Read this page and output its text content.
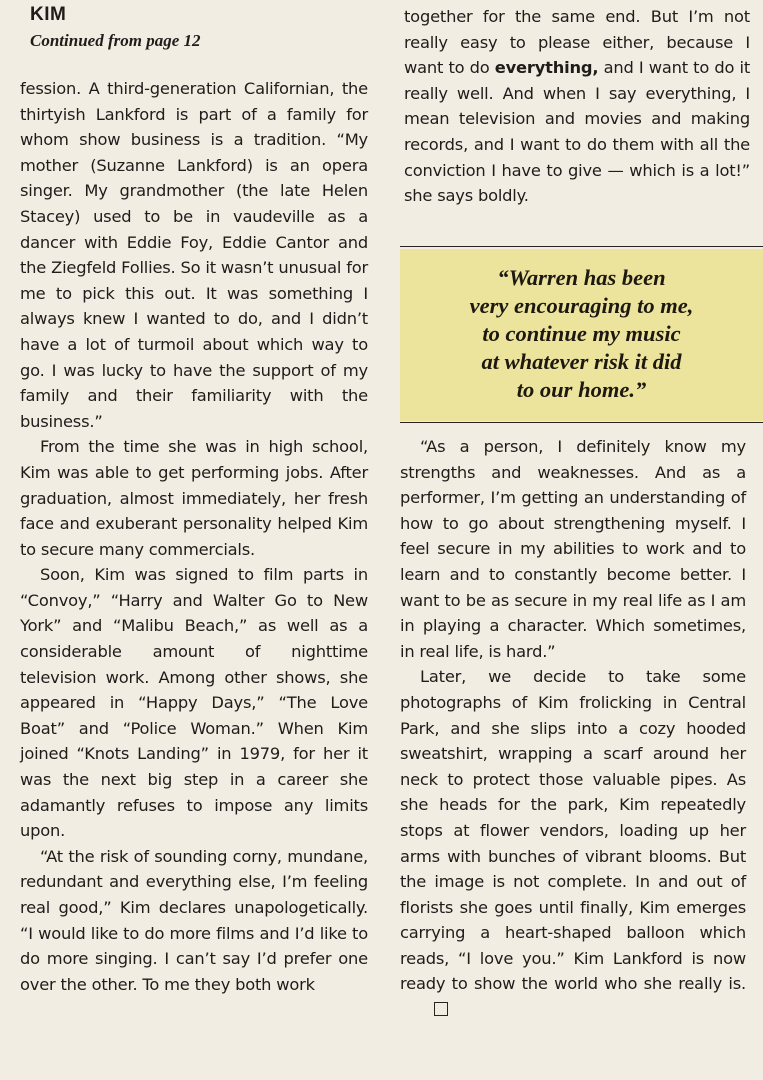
KIM
Continued from page 12

fession. A third-generation Californian, the thirtyish Lankford is part of a family for whom show business is a tradition. “My mother (Suzanne Lankford) is an opera singer. My grandmother (the late Helen Stacey) used to be in vaudeville as a dancer with Eddie Foy, Eddie Cantor and the Ziegfeld Follies. So it wasn’t unusual for me to pick this out. It was something I always knew I wanted to do, and I didn’t have a lot of turmoil about which way to go. I was lucky to have the support of my family and their familiarity with the business.”

From the time she was in high school, Kim was able to get performing jobs. After graduation, almost immediately, her fresh face and exuberant personality helped Kim to secure many commercials.

Soon, Kim was signed to film parts in “Convoy,” “Harry and Walter Go to New York” and “Malibu Beach,” as well as a considerable amount of nighttime television work. Among other shows, she appeared in “Happy Days,” “The Love Boat” and “Police Woman.” When Kim joined “Knots Landing” in 1979, for her it was the next big step in a career she adamantly refuses to impose any limits upon.

“At the risk of sounding corny, mundane, redundant and everything else, I’m feeling real good,” Kim declares unapologetically. “I would like to do more films and I’d like to do more singing. I can’t say I’d prefer one over the other. To me they both work

together for the same end. But I’m not really easy to please either, because I want to do everything, and I want to do it really well. And when I say everything, I mean television and movies and making records, and I want to do them with all the conviction I have to give — which is a lot!” she says boldly.

“Warren has been
very encouraging to me,
to continue my music
at whatever risk it did
to our home.”

“As a person, I definitely know my strengths and weaknesses. And as a performer, I’m getting an understanding of how to go about strengthening myself. I feel secure in my abilities to work and to learn and to constantly become better. I want to be as secure in my real life as I am in playing a character. Which sometimes, in real life, is hard.”

Later, we decide to take some photographs of Kim frolicking in Central Park, and she slips into a cozy hooded sweatshirt, wrapping a scarf around her neck to protect those valuable pipes. As she heads for the park, Kim repeatedly stops at flower vendors, loading up her arms with bunches of vibrant blooms. But the image is not complete. In and out of florists she goes until finally, Kim emerges carrying a heart-shaped balloon which reads, “I love you.” Kim Lankford is now ready to show the world who she really is.
